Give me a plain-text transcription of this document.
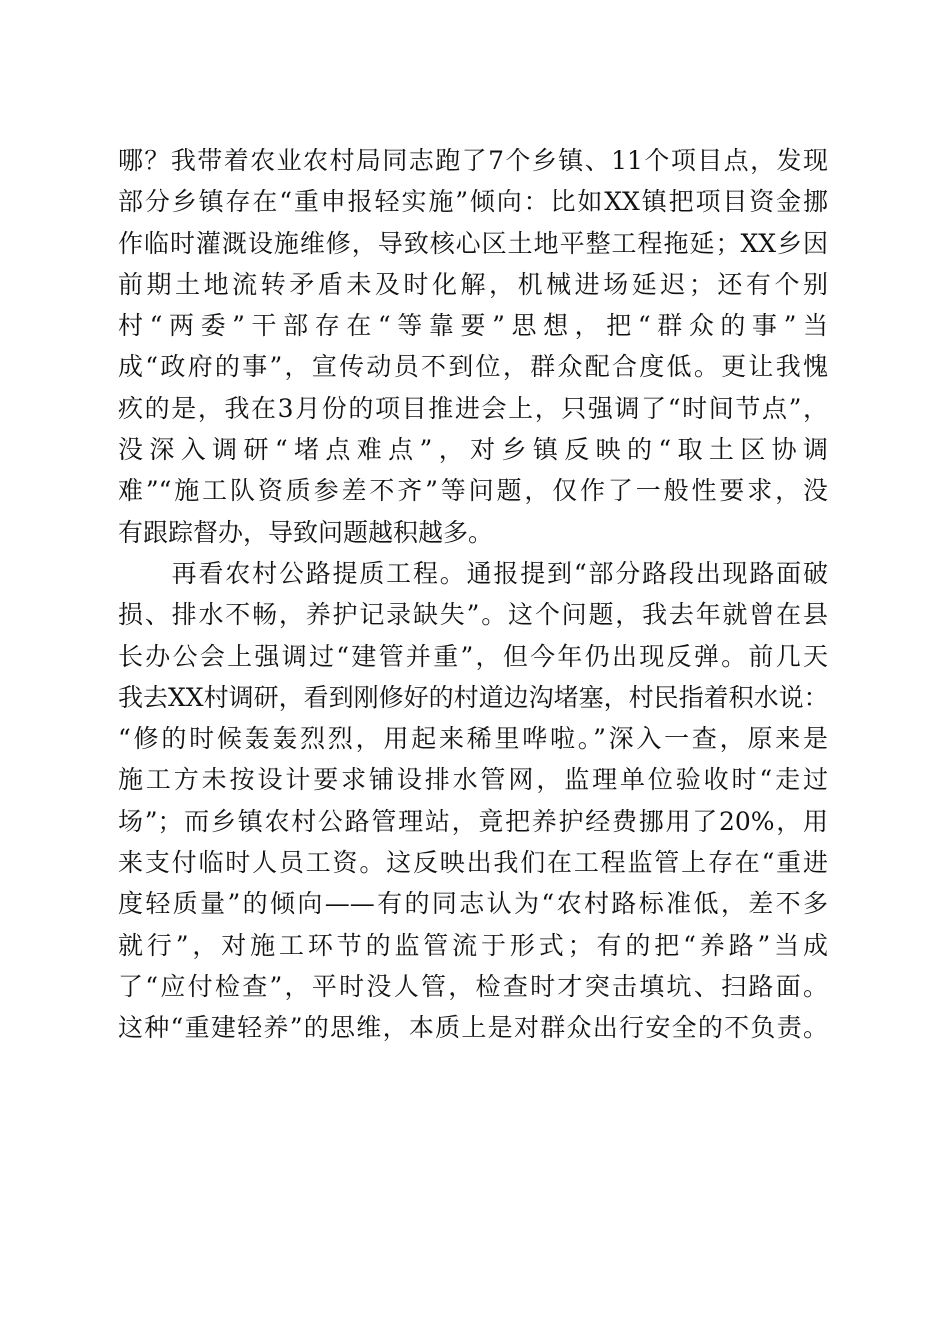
哪？我带着农业农村局同志跑了7个乡镇、11个项目点，发现
部分乡镇存在“重申报轻实施”倾向：比如XX镇把项目资金挪
作临时灌溉设施维修，导致核心区土地平整工程拖延；XX乡因
前期土地流转矛盾未及时化解，机械进场延迟；还有个别
村“两委”干部存在“等靠要”思想，把“群众的事”当
成“政府的事”，宣传动员不到位，群众配合度低。更让我愧
疚的是，我在3月份的项目推进会上，只强调了“时间节点”，
没深入调研“堵点难点”，对乡镇反映的“取土区协调
难”“施工队资质参差不齐”等问题，仅作了一般性要求，没
有跟踪督办，导致问题越积越多。
　　再看农村公路提质工程。通报提到“部分路段出现路面破
损、排水不畅，养护记录缺失”。这个问题，我去年就曾在县
长办公会上强调过“建管并重”，但今年仍出现反弹。前几天
我去XX村调研，看到刚修好的村道边沟堵塞，村民指着积水说：
“修的时候轰轰烈烈，用起来稀里哗啦。”深入一查，原来是
施工方未按设计要求铺设排水管网，监理单位验收时“走过
场”；而乡镇农村公路管理站，竟把养护经费挪用了20%，用
来支付临时人员工资。这反映出我们在工程监管上存在“重进
度轻质量”的倾向——有的同志认为“农村路标准低，差不多
就行”，对施工环节的监管流于形式；有的把“养路”当成
了“应付检查”，平时没人管，检查时才突击填坑、扫路面。
这种“重建轻养”的思维，本质上是对群众出行安全的不负责。
